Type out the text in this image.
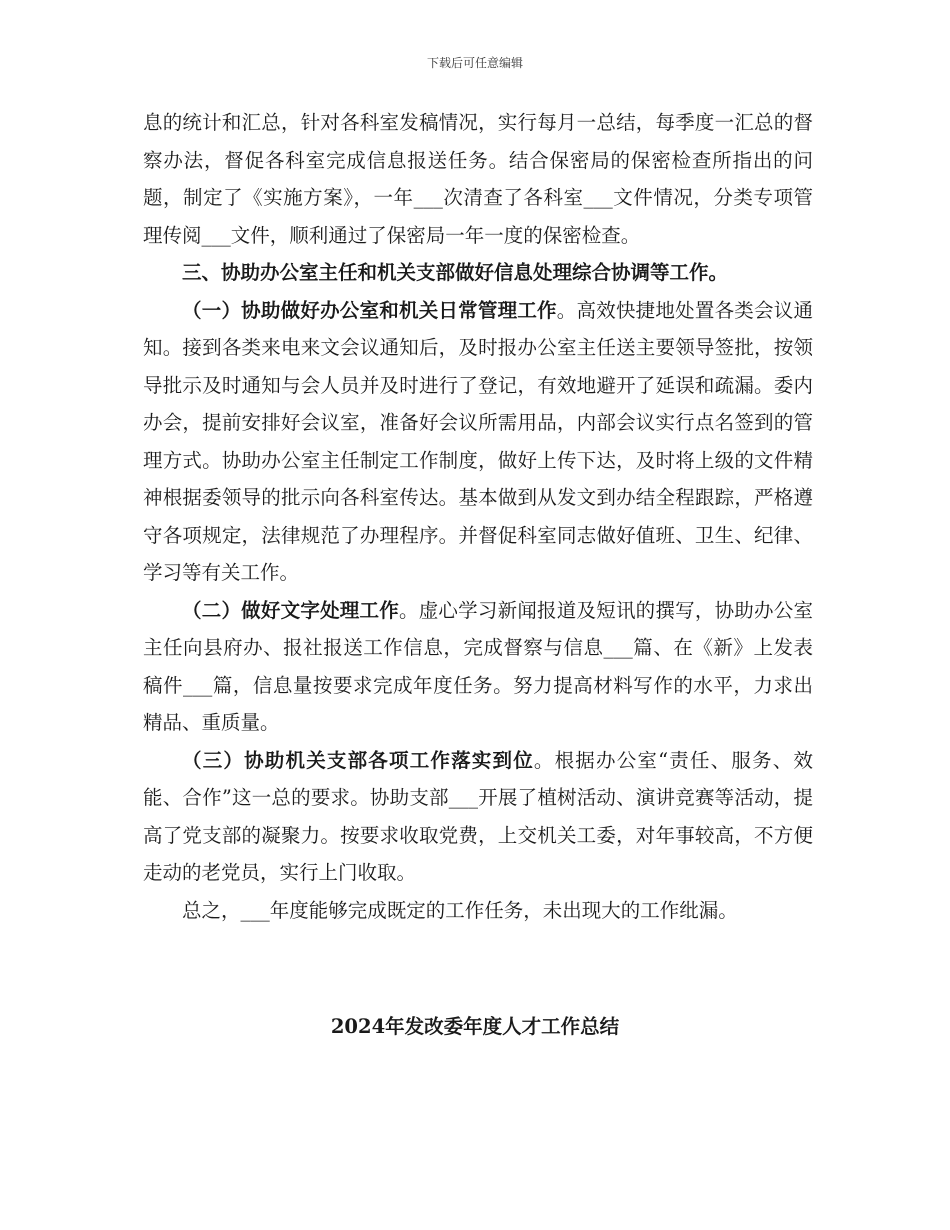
下载后可任意编辑

息的统计和汇总，针对各科室发稿情况，实行每月一总结，每季度一汇总的督察办法，督促各科室完成信息报送任务。结合保密局的保密检查所指出的问题，制定了《实施方案》，一年___次清查了各科室___文件情况，分类专项管理传阅___文件，顺利通过了保密局一年一度的保密检查。

三、协助办公室主任和机关支部做好信息处理综合协调等工作。

（一）协助做好办公室和机关日常管理工作。高效快捷地处置各类会议通知。接到各类来电来文会议通知后，及时报办公室主任送主要领导签批，按领导批示及时通知与会人员并及时进行了登记，有效地避开了延误和疏漏。委内办会，提前安排好会议室，准备好会议所需用品，内部会议实行点名签到的管理方式。协助办公室主任制定工作制度，做好上传下达，及时将上级的文件精神根据委领导的批示向各科室传达。基本做到从发文到办结全程跟踪，严格遵守各项规定，法律规范了办理程序。并督促科室同志做好值班、卫生、纪律、学习等有关工作。

（二）做好文字处理工作。虚心学习新闻报道及短讯的撰写，协助办公室主任向县府办、报社报送工作信息，完成督察与信息___篇、在《新》上发表稿件___篇，信息量按要求完成年度任务。努力提高材料写作的水平，力求出精品、重质量。

（三）协助机关支部各项工作落实到位。根据办公室“责任、服务、效能、合作”这一总的要求。协助支部___开展了植树活动、演讲竞赛等活动，提高了党支部的凝聚力。按要求收取党费，上交机关工委，对年事较高，不方便走动的老党员，实行上门收取。

总之，___年度能够完成既定的工作任务，未出现大的工作纰漏。

2024年发改委年度人才工作总结
